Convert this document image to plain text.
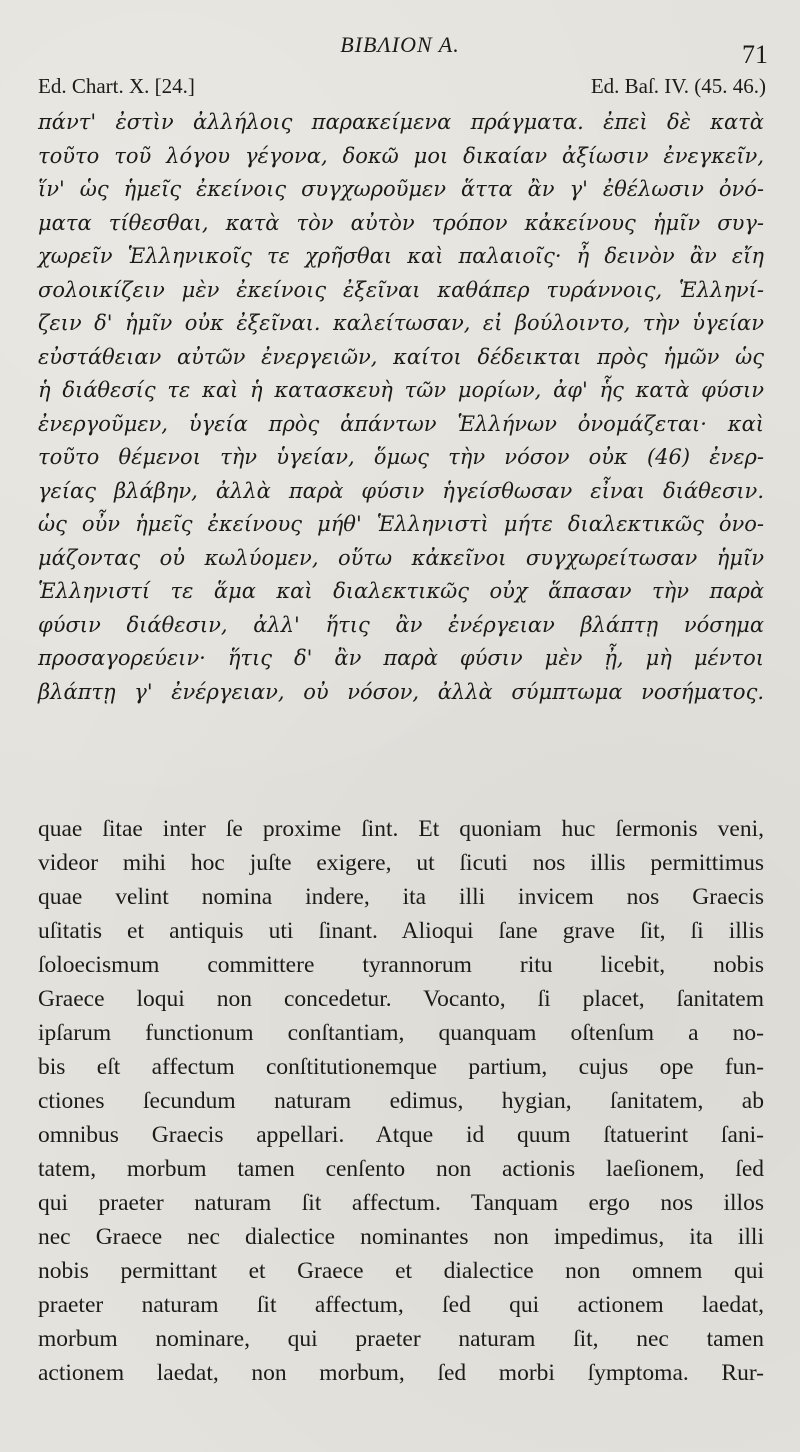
ΒΙΒΛΙΟΝ Α.	71
Ed. Chart. X. [24.]	Ed. Baſ. IV. (45. 46.)
πάντ' ἐστὶν ἀλλήλοις παρακείμενα πράγματα. ἐπεὶ δὲ κατὰ
τοῦτο τοῦ λόγου γέγονα, δοκῶ μοι δικαίαν ἀξίωσιν ἐνεγκεῖν,
ἵν' ὡς ἡμεῖς ἐκείνοις συγχωροῦμεν ἅττα ἂν γ' ἐθέλωσιν ὀνό-
ματα τίθεσθαι, κατὰ τὸν αὐτὸν τρόπον κἀκείνους ἡμῖν συγ-
χωρεῖν Ἑλληνικοῖς τε χρῆσθαι καὶ παλαιοῖς· ἦ δεινὸν ἂν εἴη
σολοικίζειν μὲν ἐκείνοις ἐξεῖναι καθάπερ τυράννοις, Ἑλληνί-
ζειν δ' ἡμῖν οὐκ ἐξεῖναι. καλείτωσαν, εἰ βούλοιντο, τὴν ὑγείαν
εὐστάθειαν αὐτῶν ἐνεργειῶν, καίτοι δέδεικται πρὸς ἡμῶν ὡς
ἡ διάθεσίς τε καὶ ἡ κατασκευὴ τῶν μορίων, ἀφ' ἧς κατὰ φύσιν
ἐνεργοῦμεν, ὑγεία πρὸς ἁπάντων Ἑλλήνων ὀνομάζεται· καὶ
τοῦτο θέμενοι τὴν ὑγείαν, ὅμως τὴν νόσον οὐκ (46) ἐνερ-
γείας βλάβην, ἀλλὰ παρὰ φύσιν ἡγείσθωσαν εἶναι διάθεσιν.
ὡς οὖν ἡμεῖς ἐκείνους μήθ' Ἑλληνιστὶ μήτε διαλεκτικῶς ὀνο-
μάζοντας οὐ κωλύομεν, οὕτω κἀκεῖνοι συγχωρείτωσαν ἡμῖν
Ἑλληνιστί τε ἅμα καὶ διαλεκτικῶς οὐχ ἅπασαν τὴν παρὰ
φύσιν διάθεσιν, ἀλλ' ἥτις ἂν ἐνέργειαν βλάπτῃ νόσημα
προσαγορεύειν· ἥτις δ' ἂν παρὰ φύσιν μὲν ᾖ, μὴ μέντοι
βλάπτῃ γ' ἐνέργειαν, οὐ νόσον, ἀλλὰ σύμπτωμα νοσήματος.
quae ſitae inter ſe proxime ſint. Et quoniam huc ſermonis veni,
videor mihi hoc juſte exigere, ut ſicuti nos illis permittimus
quae velint nomina indere, ita illi invicem nos Graecis
uſitatis et antiquis uti ſinant. Alioqui ſane grave ſit, ſi illis
ſoloecismum committere tyrannorum ritu licebit, nobis
Graece loqui non concedetur. Vocanto, ſi placet, ſanitatem
ipſarum functionum conſtantiam, quanquam oſtenſum a no-
bis eſt affectum conſtitutionemque partium, cujus ope fun-
ctiones ſecundum naturam edimus, hygian, ſanitatem, ab
omnibus Graecis appellari. Atque id quum ſtatuerint ſani-
tatem, morbum tamen cenſento non actionis laeſionem, ſed
qui praeter naturam ſit affectum. Tanquam ergo nos illos
nec Graece nec dialectice nominantes non impedimus, ita illi
nobis permittant et Graece et dialectice non omnem qui
praeter naturam ſit affectum, ſed qui actionem laedat,
morbum nominare, qui praeter naturam ſit, nec tamen
actionem laedat, non morbum, ſed morbi ſymptoma. Rur-
